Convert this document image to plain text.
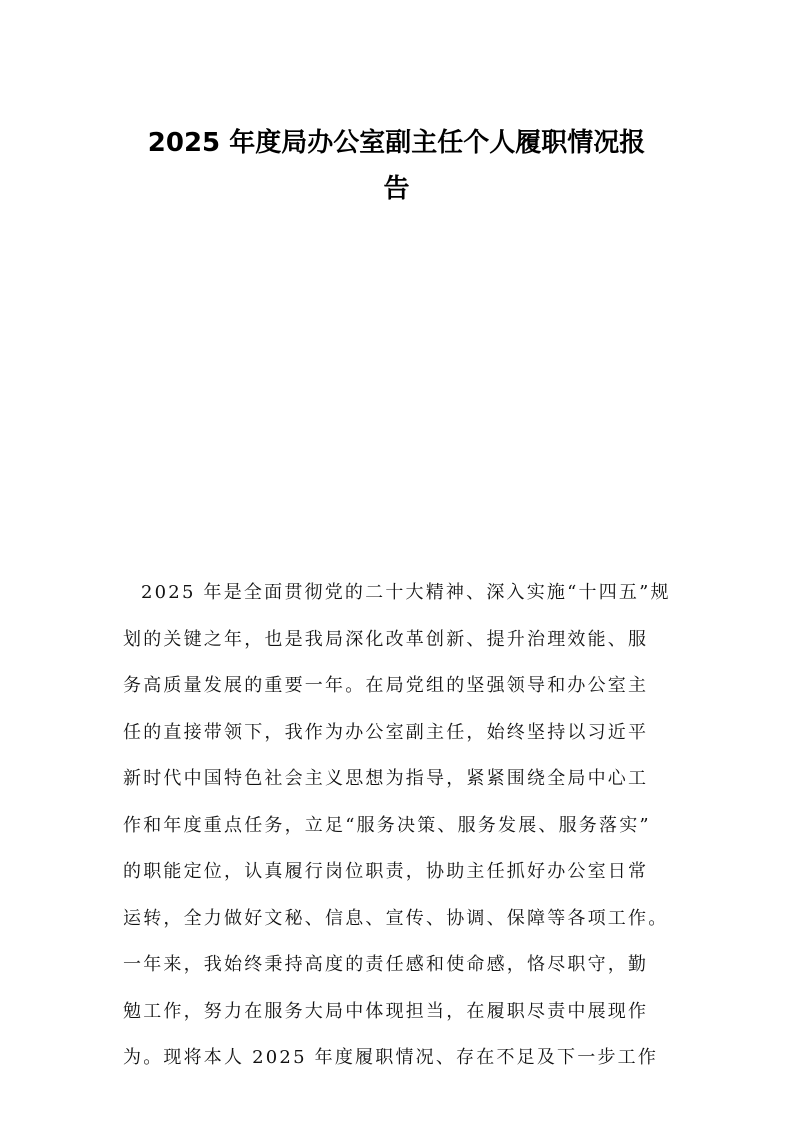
2025 年度局办公室副主任个人履职情况报
告
2025 年是全面贯彻党的二十大精神、深入实施“十四五”规
划的关键之年，也是我局深化改革创新、提升治理效能、服
务高质量发展的重要一年。在局党组的坚强领导和办公室主
任的直接带领下，我作为办公室副主任，始终坚持以习近平
新时代中国特色社会主义思想为指导，紧紧围绕全局中心工
作和年度重点任务，立足“服务决策、服务发展、服务落实”
的职能定位，认真履行岗位职责，协助主任抓好办公室日常
运转，全力做好文秘、信息、宣传、协调、保障等各项工作。
一年来，我始终秉持高度的责任感和使命感，恪尽职守，勤
勉工作，努力在服务大局中体现担当，在履职尽责中展现作
为。现将本人 2025 年度履职情况、存在不足及下一步工作
